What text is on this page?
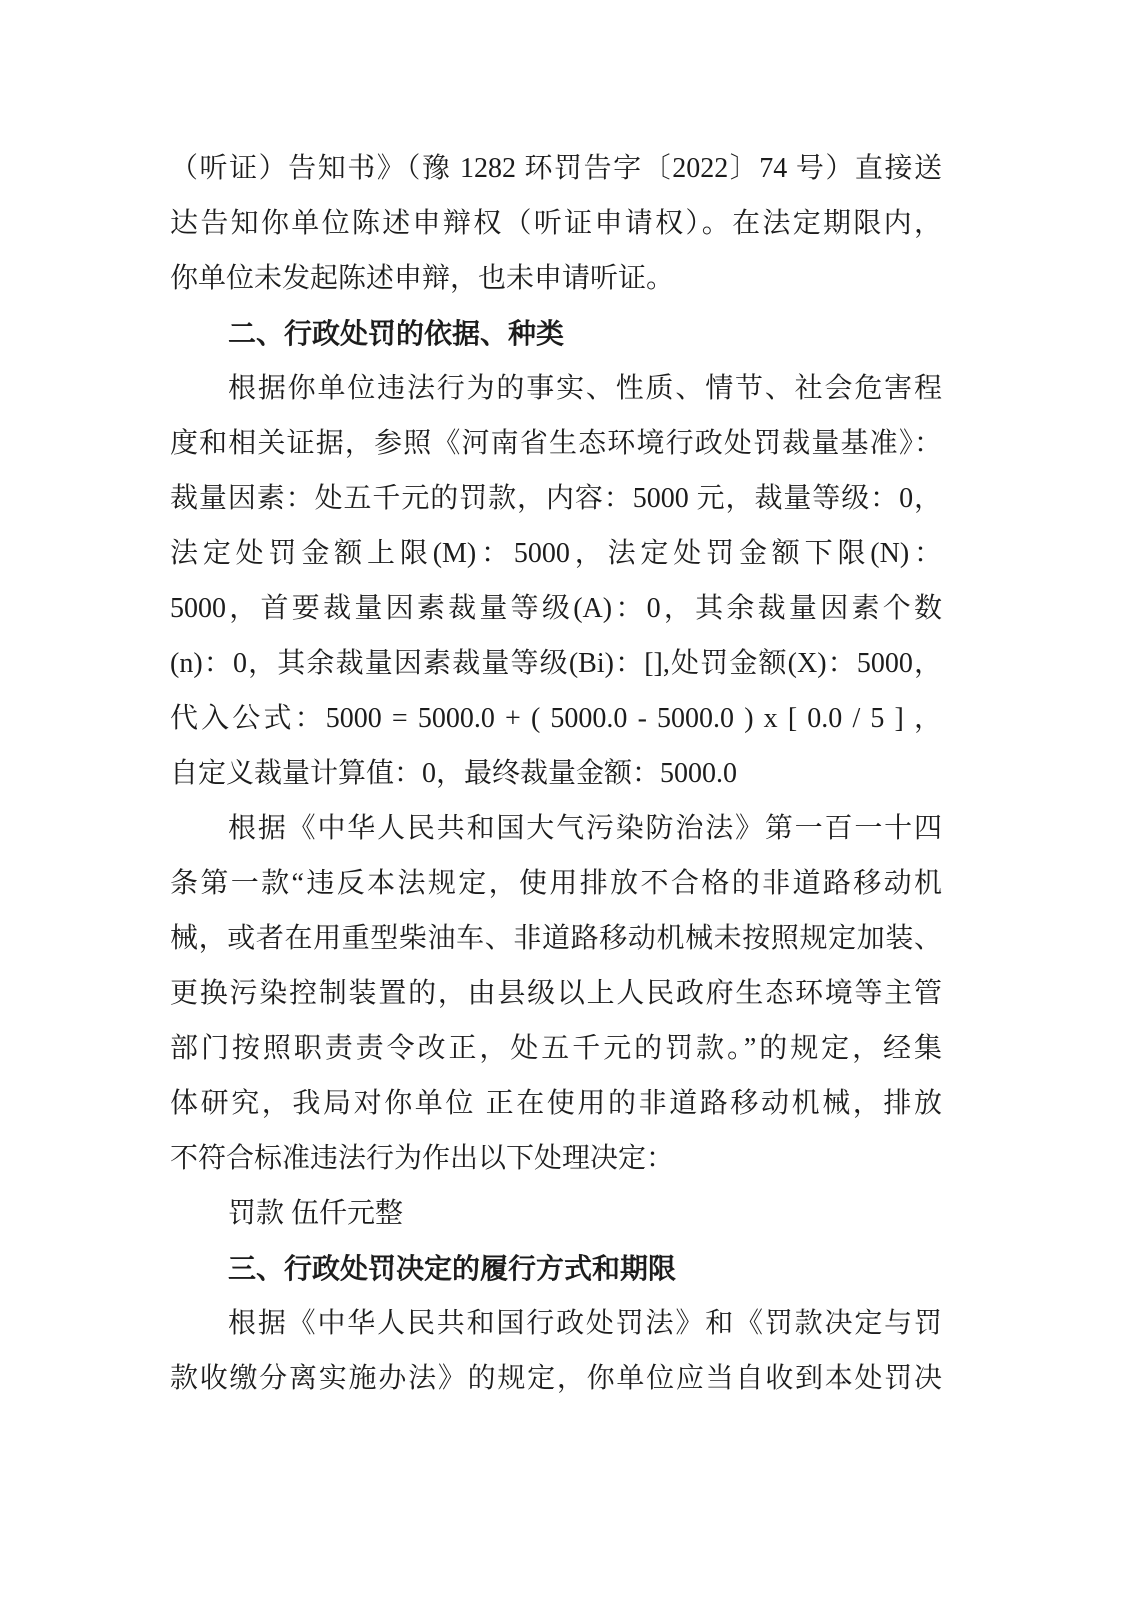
（听证）告知书》（豫 1282 环罚告字〔2022〕74 号）直接送
达告知你单位陈述申辩权（听证申请权）。在法定期限内，
你单位未发起陈述申辩，也未申请听证。
二、行政处罚的依据、种类
根据你单位违法行为的事实、性质、情节、社会危害程
度和相关证据，参照《河南省生态环境行政处罚裁量基准》：
裁量因素：处五千元的罚款，内容：5000 元，裁量等级：0，
法定处罚金额上限(M)：5000，法定处罚金额下限(N)：
5000，首要裁量因素裁量等级(A)：0，其余裁量因素个数
(n)：0，其余裁量因素裁量等级(Bi)：[],处罚金额(X)：5000，
代入公式：5000 = 5000.0 + ( 5000.0 - 5000.0 ) x [ 0.0 / 5 ] ，
自定义裁量计算值：0，最终裁量金额：5000.0
根据《中华人民共和国大气污染防治法》第一百一十四
条第一款“违反本法规定，使用排放不合格的非道路移动机
械，或者在用重型柴油车、非道路移动机械未按照规定加装、
更换污染控制装置的，由县级以上人民政府生态环境等主管
部门按照职责责令改正，处五千元的罚款。”的规定，经集
体研究，我局对你单位 正在使用的非道路移动机械，排放
不符合标准违法行为作出以下处理决定：
罚款 伍仟元整
三、行政处罚决定的履行方式和期限
根据《中华人民共和国行政处罚法》和《罚款决定与罚
款收缴分离实施办法》的规定，你单位应当自收到本处罚决
